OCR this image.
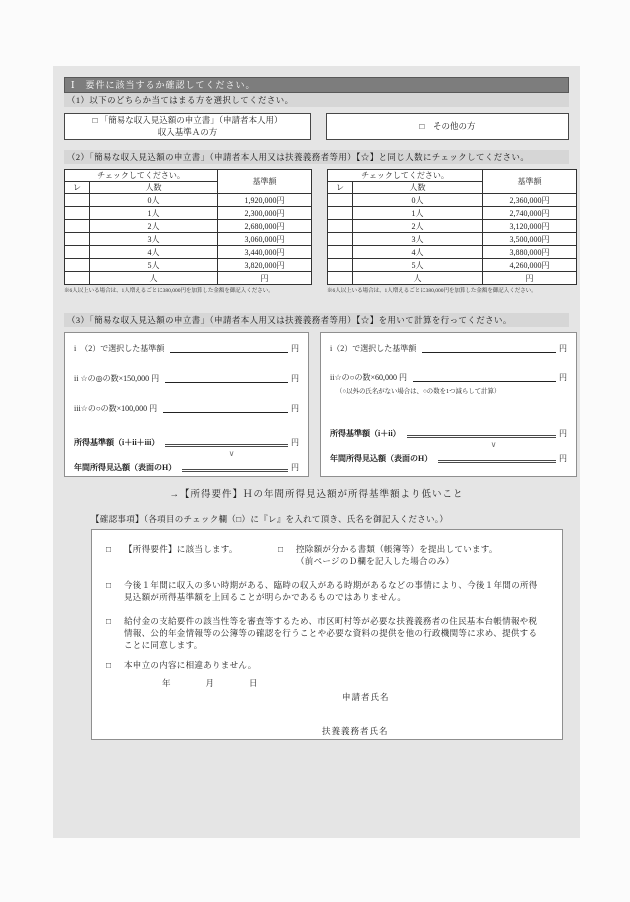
Ⅰ　要件に該当するか確認してください。
（1）以下のどちらか当てはまる方を選択してください。
□ 「簡易な収入見込額の申立書」（申請者本人用）
収入基準Ａの方
□　その他の方
（2）「簡易な収入見込額の申立書」（申請者本人用又は扶養義務者等用）【☆】と同じ人数にチェックしてください。
チェックしてください。		基準額
レ	人数	
	0人	1,920,000円
	1人	2,300,000円
	2人	2,680,000円
	3人	3,060,000円
	4人	3,440,000円
	5人	3,820,000円
	人	円
※6人以上いる場合は、1人増えるごとに380,000円を加算した金額を御記入ください。
チェックしてください。		基準額
レ	人数	
	0人	2,360,000円
	1人	2,740,000円
	2人	3,120,000円
	3人	3,500,000円
	4人	3,880,000円
	5人	4,260,000円
	人	円
※6人以上いる場合は、1人増えるごとに380,000円を加算した金額を御記入ください。
（3）「簡易な収入見込額の申立書」（申請者本人用又は扶養義務者等用）【☆】を用いて計算を行ってください。
i　（2）で選択した基準額	円
ii ☆の◎の数×150,000 円	円
iii☆の○の数×100,000 円	円
所得基準額（i＋ii＋iii）	円
∨
年間所得見込額（表面のH）	円
i（2）で選択した基準額	円
ii☆の○の数×60,000 円	円
（○以外の氏名がない場合は、○の数を1つ減らして計算）
所得基準額（i＋ii）	円
∨
年間所得見込額（表面のH）	円
→【所得要件】Ｈの年間所得見込額が所得基準額より低いこと
【確認事項】（各項目のチェック欄（□）に『レ』を入れて頂き、氏名を御記入ください。）
□	【所得要件】に該当します。	□	控除額が分かる書類（帳簿等）を提出しています。
（前ページのＤ欄を記入した場合のみ）
□	今後１年間に収入の多い時期がある、臨時の収入がある時期があるなどの事情により、今後１年間の所得見込額が所得基準額を上回ることが明らかであるものではありません。
□	給付金の支給要件の該当性等を審査等するため、市区町村等が必要な扶養義務者の住民基本台帳情報や税情報、公的年金情報等の公簿等の確認を行うことや必要な資料の提供を他の行政機関等に求め、提供することに同意します。
□	本申立の内容に相違ありません。
年　　月　　日
申請者氏名
扶養義務者氏名
